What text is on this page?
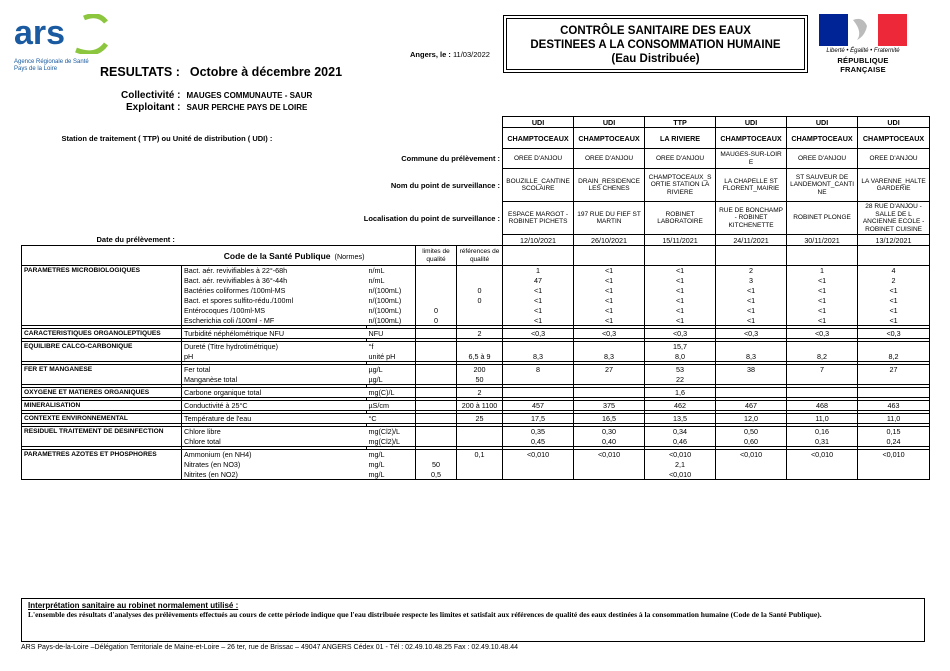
ars
Agence Régionale de Santé
Pays de la Loire
Angers, le : 11/03/2022
CONTRÔLE SANITAIRE DES EAUX
DESTINEES A LA CONSOMMATION HUMAINE
(Eau Distribuée)
Liberté • Égalité • Fraternité
RÉPUBLIQUE FRANÇAISE
RESULTATS : Octobre à décembre 2021
Collectivité : MAUGES COMMUNAUTE - SAUR
Exploitant : SAUR PERCHE PAYS DE LOIRE
					UDI	UDI	TTP	UDI	UDI	UDI
Station de traitement ( TTP) ou Unité de distribution ( UDI) :					CHAMPTOCEAUX	CHAMPTOCEAUX	LA RIVIERE	CHAMPTOCEAUX	CHAMPTOCEAUX	CHAMPTOCEAUX
Commune du prélèvement :					OREE D'ANJOU	OREE D'ANJOU	OREE D'ANJOU	MAUGES-SUR-LOIR E	OREE D'ANJOU	OREE D'ANJOU
Nom du point de surveillance :					BOUZILLE_CANTINE SCOLAIRE	DRAIN_RESIDENCE LES CHENES	CHAMPTOCEAUX_S ORTIE STATION LA RIVIERE	LA CHAPELLE ST FLORENT_MAIRIE	ST SAUVEUR DE LANDEMONT_CANTI NE	LA VARENNE_HALTE GARDERIE
Localisation du point de surveillance :					ESPACE MARGOT - ROBINET PICHETS	197 RUE DU FIEF ST MARTIN	ROBINET LABORATOIRE	RUE DE BONCHAMP - ROBINET KITCHENETTE	ROBINET PLONGE	28 RUE D'ANJOU - SALLE DE L ANCIENNE ECOLE - ROBINET CUISINE
Date du prélèvement :					12/10/2021	26/10/2021	15/11/2021	24/11/2021	30/11/2021	13/12/2021
	Code de la Santé Publique (Normes)		limites de qualité	références de qualité						
PARAMETRES MICROBIOLOGIQUES	Bact. aér. revivifiables à 22°-68h	n/mL			1	<1	<1	2	1	4
	Bact. aér. revivifiables à 36°-44h	n/mL			47	<1	<1	3	<1	2
	Bactéries coliformes /100ml-MS	n/(100mL)		0	<1	<1	<1	<1	<1	<1
	Bact. et spores sulfito-rédu./100ml	n/(100mL)		0	<1	<1	<1	<1	<1	<1
	Entérocoques /100ml-MS	n/(100mL)	0		<1	<1	<1	<1	<1	<1
	Escherichia coli /100ml - MF	n/(100mL)	0		<1	<1	<1	<1	<1	<1

CARACTERISTIQUES ORGANOLEPTIQUES	Turbidité néphélométrique NFU	NFU		2	<0,3	<0,3	<0,3	<0,3	<0,3	<0,3

EQUILIBRE CALCO-CARBONIQUE	Dureté (Titre hydrotimétrique)	°f					15,7			
	pH	unité pH		6,5 à 9	8,3	8,3	8,0	8,3	8,2	8,2

FER ET MANGANESE	Fer total	µg/L		200	8	27	53	38	7	27
	Manganèse total	µg/L		50			22			

OXYGENE ET MATIERES ORGANIQUES	Carbone organique total	mg(C)/L		2			1,6			

MINERALISATION	Conductivité à 25°C	µS/cm		200 à 1100	457	375	462	467	468	463

CONTEXTE ENVIRONNEMENTAL	Température de l'eau	°C		25	17,5	16,5	13,5	12,0	11,0	11,0

RESIDUEL TRAITEMENT DE DESINFECTION	Chlore libre	mg(Cl2)/L			0,35	0,30	0,34	0,50	0,16	0,15
	Chlore total	mg(Cl2)/L			0,45	0,40	0,46	0,60	0,31	0,24

PARAMETRES AZOTES ET PHOSPHORES	Ammonium (en NH4)	mg/L		0,1	<0,010	<0,010	<0,010	<0,010	<0,010	<0,010
	Nitrates (en NO3)	mg/L	50				2,1			
	Nitrites (en NO2)	mg/L	0,5				<0,010			
Interprétation sanitaire au robinet normalement utilisé :
L'ensemble des résultats d'analyses des prélèvements effectués au cours de cette période indique que l'eau distribuée respecte les limites et satisfait aux références de qualité des eaux destinées à la consommation humaine (Code de la Santé Publique).
ARS Pays-de-la-Loire –Délégation Territoriale de Maine-et-Loire – 26 ter, rue de Brissac – 49047 ANGERS Cédex 01 - Tél : 02.49.10.48.25 Fax : 02.49.10.48.44
